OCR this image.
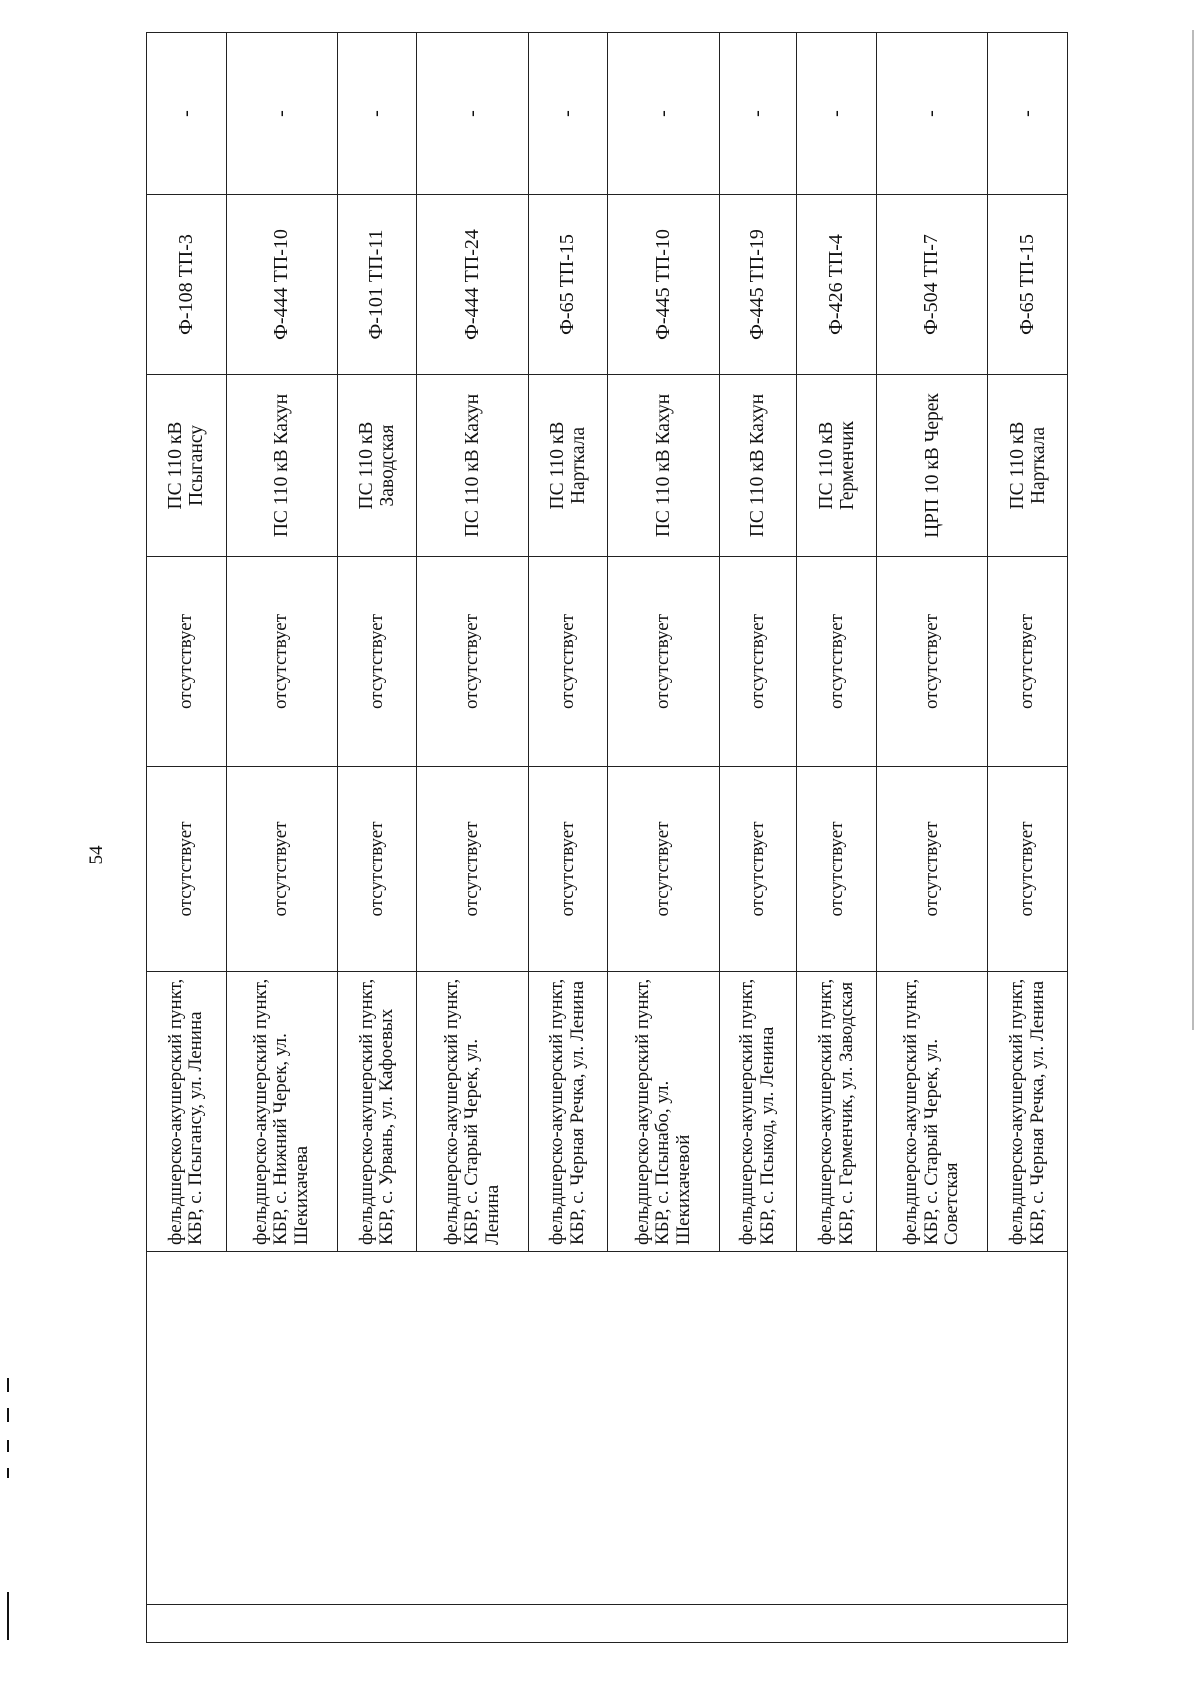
54
		фельдшерско-акушерский пункт, КБР, с. Псыгансу, ул. Ленина	отсутствует	отсутствует	ПС 110 кВ Псыгансу	Ф-108 ТП-3	-
		фельдшерско-акушерский пункт, КБР, с. Нижний Черек, ул. Шекихачева	отсутствует	отсутствует	ПС 110 кВ Кахун	Ф-444 ТП-10	-
		фельдшерско-акушерский пункт, КБР, с. Урвань, ул. Кафоевых	отсутствует	отсутствует	ПС 110 кВ Заводская	Ф-101 ТП-11	-
		фельдшерско-акушерский пункт, КБР, с. Старый Черек, ул. Ленина	отсутствует	отсутствует	ПС 110 кВ Кахун	Ф-444 ТП-24	-
		фельдшерско-акушерский пункт, КБР, с. Черная Речка, ул. Ленина	отсутствует	отсутствует	ПС 110 кВ Нарткала	Ф-65 ТП-15	-
		фельдшерско-акушерский пункт, КБР, с. Псынабо, ул. Шекихачевой	отсутствует	отсутствует	ПС 110 кВ Кахун	Ф-445 ТП-10	-
		фельдшерско-акушерский пункт, КБР, с. Псыкод, ул. Ленина	отсутствует	отсутствует	ПС 110 кВ Кахун	Ф-445 ТП-19	-
		фельдшерско-акушерский пункт, КБР, с. Герменчик, ул. Заводская	отсутствует	отсутствует	ПС 110 кВ Герменчик	Ф-426 ТП-4	-
		фельдшерско-акушерский пункт, КБР, с. Старый Черек, ул. Советская	отсутствует	отсутствует	ЦРП 10 кВ Черек	Ф-504 ТП-7	-
		фельдшерско-акушерский пункт, КБР, с. Черная Речка, ул. Ленина	отсутствует	отсутствует	ПС 110 кВ Нарткала	Ф-65 ТП-15	-
